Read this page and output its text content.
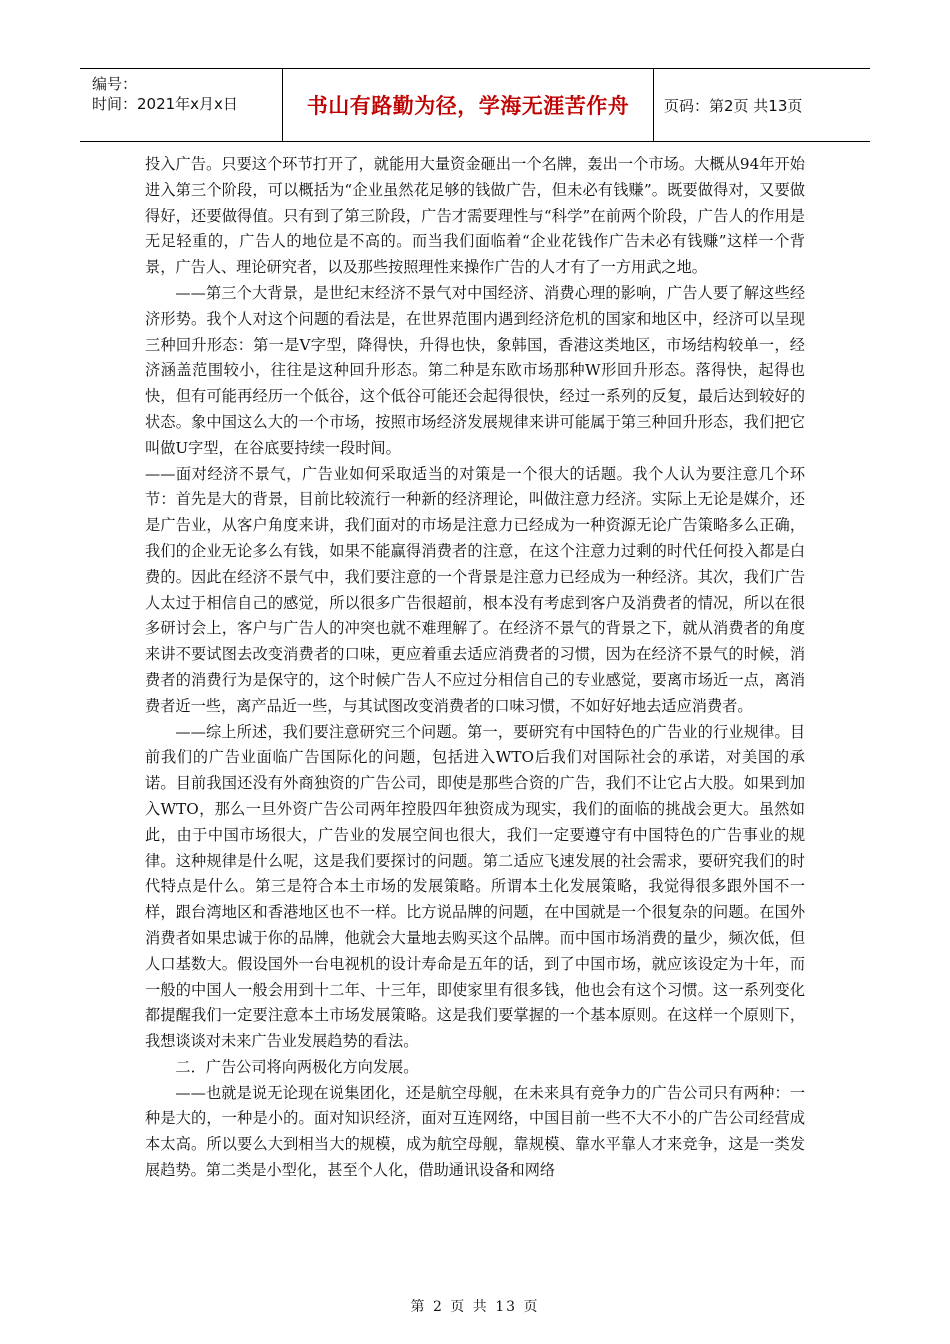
编号：
时间：2021年x月x日	书山有路勤为径，学海无涯苦作舟	页码：第2页 共13页

投入广告。只要这个环节打开了，就能用大量资金砸出一个名牌，轰出一个市场。大概从94年开始进入第三个阶段，可以概括为“企业虽然花足够的钱做广告，但未必有钱赚”。既要做得对，又要做得好，还要做得值。只有到了第三阶段，广告才需要理性与“科学”在前两个阶段，广告人的作用是无足轻重的，广告人的地位是不高的。而当我们面临着“企业花钱作广告未必有钱赚”这样一个背景，广告人、理论研究者，以及那些按照理性来操作广告的人才有了一方用武之地。

——第三个大背景，是世纪末经济不景气对中国经济、消费心理的影响，广告人要了解这些经济形势。我个人对这个问题的看法是，在世界范围内遇到经济危机的国家和地区中，经济可以呈现三种回升形态：第一是V字型，降得快，升得也快，象韩国，香港这类地区，市场结构较单一，经济涵盖范围较小，往往是这种回升形态。第二种是东欧市场那种W形回升形态。落得快，起得也快，但有可能再经历一个低谷，这个低谷可能还会起得很快，经过一系列的反复，最后达到较好的状态。象中国这么大的一个市场，按照市场经济发展规律来讲可能属于第三种回升形态，我们把它叫做U字型，在谷底要持续一段时间。

——面对经济不景气，广告业如何采取适当的对策是一个很大的话题。我个人认为要注意几个环节：首先是大的背景，目前比较流行一种新的经济理论，叫做注意力经济。实际上无论是媒介，还是广告业，从客户角度来讲，我们面对的市场是注意力已经成为一种资源无论广告策略多么正确，我们的企业无论多么有钱，如果不能赢得消费者的注意，在这个注意力过剩的时代任何投入都是白费的。因此在经济不景气中，我们要注意的一个背景是注意力已经成为一种经济。其次，我们广告人太过于相信自己的感觉，所以很多广告很超前，根本没有考虑到客户及消费者的情况，所以在很多研讨会上，客户与广告人的冲突也就不难理解了。在经济不景气的背景之下，就从消费者的角度来讲不要试图去改变消费者的口味，更应着重去适应消费者的习惯，因为在经济不景气的时候，消费者的消费行为是保守的，这个时候广告人不应过分相信自己的专业感觉，要离市场近一点，离消费者近一些，离产品近一些，与其试图改变消费者的口味习惯，不如好好地去适应消费者。

——综上所述，我们要注意研究三个问题。第一，要研究有中国特色的广告业的行业规律。目前我们的广告业面临广告国际化的问题，包括进入WTO后我们对国际社会的承诺，对美国的承诺。目前我国还没有外商独资的广告公司，即使是那些合资的广告，我们不让它占大股。如果到加入WTO，那么一旦外资广告公司两年控股四年独资成为现实，我们的面临的挑战会更大。虽然如此，由于中国市场很大，广告业的发展空间也很大，我们一定要遵守有中国特色的广告事业的规律。这种规律是什么呢，这是我们要探讨的问题。第二适应飞速发展的社会需求，要研究我们的时代特点是什么。第三是符合本土市场的发展策略。所谓本土化发展策略，我觉得很多跟外国不一样，跟台湾地区和香港地区也不一样。比方说品牌的问题，在中国就是一个很复杂的问题。在国外消费者如果忠诚于你的品牌，他就会大量地去购买这个品牌。而中国市场消费的量少，频次低，但人口基数大。假设国外一台电视机的设计寿命是五年的话，到了中国市场，就应该设定为十年，而一般的中国人一般会用到十二年、十三年，即使家里有很多钱，他也会有这个习惯。这一系列变化都提醒我们一定要注意本土市场发展策略。这是我们要掌握的一个基本原则。在这样一个原则下，我想谈谈对未来广告业发展趋势的看法。

二．广告公司将向两极化方向发展。

——也就是说无论现在说集团化，还是航空母舰，在未来具有竞争力的广告公司只有两种：一种是大的，一种是小的。面对知识经济，面对互连网络，中国目前一些不大不小的广告公司经营成本太高。所以要么大到相当大的规模，成为航空母舰，靠规模、靠水平靠人才来竞争，这是一类发展趋势。第二类是小型化，甚至个人化，借助通讯设备和网络

第 2 页 共 13 页
